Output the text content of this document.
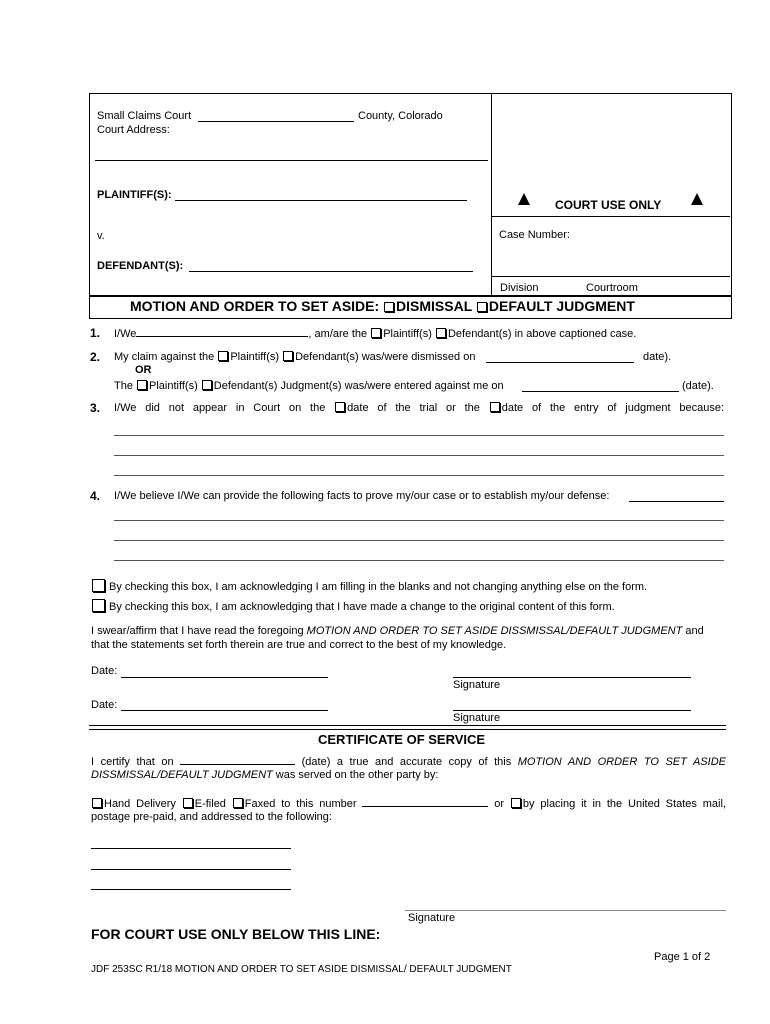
Small Claims Court	County, Colorado
Court Address:
PLAINTIFF(S):
v.
DEFENDANT(S):
COURT USE ONLY
Case Number:
Division	Courtroom
MOTION AND ORDER TO SET ASIDE: DISMISSAL DEFAULT JUDGMENT
1. I/We	, am/are the Plaintiff(s) Defendant(s) in above captioned case.
2. My claim against the Plaintiff(s) Defendant(s) was/were dismissed on	date).
OR
The Plaintiff(s) Defendant(s) Judgment(s) was/were entered against me on	(date).
3. I/We did not appear in Court on the date of the trial or the date of the entry of judgment because:
4. I/We believe I/We can provide the following facts to prove my/our case or to establish my/our defense:
By checking this box, I am acknowledging I am filling in the blanks and not changing anything else on the form.
By checking this box, I am acknowledging that I have made a change to the original content of this form.
I swear/affirm that I have read the foregoing MOTION AND ORDER TO SET ASIDE DISSMISSAL/DEFAULT JUDGMENT and
that the statements set forth therein are true and correct to the best of my knowledge.
Date:
Signature
Date:
Signature
CERTIFICATE OF SERVICE
I certify that on	(date) a true and accurate copy of this MOTION AND ORDER TO SET ASIDE
DISSMISSAL/DEFAULT JUDGMENT was served on the other party by:
Hand Delivery E-filed Faxed to this number	or by placing it in the United States mail,
postage pre-paid, and addressed to the following:
Signature
FOR COURT USE ONLY BELOW THIS LINE:
Page 1 of 2
JDF 253SC R1/18 MOTION AND ORDER TO SET ASIDE DISMISSAL/ DEFAULT JUDGMENT
